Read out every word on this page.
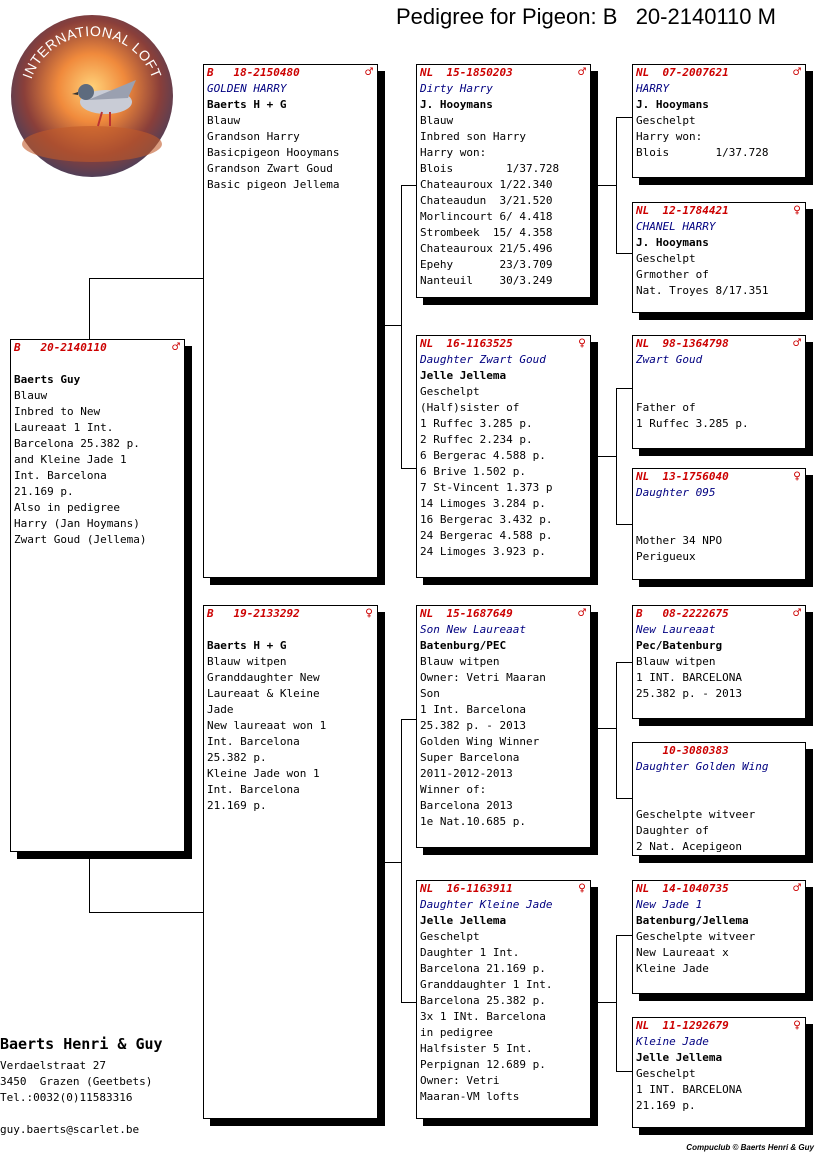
Pedigree for Pigeon: B   20-2140110 M
INTERNATIONAL LOFT
B   20-2140110	♂

Baerts Guy
Blauw
Inbred to New
Laureaat 1 Int.
Barcelona 25.382 p.
and Kleine Jade 1
Int. Barcelona
21.169 p.
Also in pedigree
Harry (Jan Hoymans)
Zwart Goud (Jellema)
B   18-2150480	♂
GOLDEN HARRY
Baerts H + G
Blauw
Grandson Harry
Basicpigeon Hooymans
Grandson Zwart Goud
Basic pigeon Jellema
B   19-2133292	♀

Baerts H + G
Blauw witpen
Granddaughter New
Laureaat & Kleine
Jade
New laureaat won 1
Int. Barcelona
25.382 p.
Kleine Jade won 1
Int. Barcelona
21.169 p.
NL  15-1850203	♂
Dirty Harry
J. Hooymans
Blauw
Inbred son Harry
Harry won:
Blois        1/37.728
Chateauroux 1/22.340
Chateaudun  3/21.520
Morlincourt 6/ 4.418
Strombeek  15/ 4.358
Chateauroux 21/5.496
Epehy       23/3.709
Nanteuil    30/3.249
NL  16-1163525	♀
Daughter Zwart Goud
Jelle Jellema
Geschelpt
(Half)sister of
1 Ruffec 3.285 p.
2 Ruffec 2.234 p.
6 Bergerac 4.588 p.
6 Brive 1.502 p.
7 St-Vincent 1.373 p
14 Limoges 3.284 p.
16 Bergerac 3.432 p.
24 Bergerac 4.588 p.
24 Limoges 3.923 p.
NL  15-1687649	♂
Son New Laureaat
Batenburg/PEC
Blauw witpen
Owner: Vetri Maaran
Son
1 Int. Barcelona
25.382 p. - 2013
Golden Wing Winner
Super Barcelona
2011-2012-2013
Winner of:
Barcelona 2013
1e Nat.10.685 p.
NL  16-1163911	♀
Daughter Kleine Jade
Jelle Jellema
Geschelpt
Daughter 1 Int.
Barcelona 21.169 p.
Granddaughter 1 Int.
Barcelona 25.382 p.
3x 1 INt. Barcelona
in pedigree
Halfsister 5 Int.
Perpignan 12.689 p.
Owner: Vetri
Maaran-VM lofts
NL  07-2007621	♂
HARRY
J. Hooymans
Geschelpt
Harry won:
Blois       1/37.728
NL  12-1784421	♀
CHANEL HARRY
J. Hooymans
Geschelpt
Grmother of
Nat. Troyes 8/17.351
NL  98-1364798	♂
Zwart Goud

Father of
1 Ruffec 3.285 p.
NL  13-1756040	♀
Daughter 095

Mother 34 NPO
Perigueux
B   08-2222675	♂
New Laureaat
Pec/Batenburg
Blauw witpen
1 INT. BARCELONA
25.382 p. - 2013
10-3080383
Daughter Golden Wing

Geschelpte witveer
Daughter of
2 Nat. Acepigeon
NL  14-1040735	♂
New Jade 1
Batenburg/Jellema
Geschelpte witveer
New Laureaat x
Kleine Jade
NL  11-1292679	♀
Kleine Jade
Jelle Jellema
Geschelpt
1 INT. BARCELONA
21.169 p.
Baerts Henri & Guy
Verdaelstraat 27
3450  Grazen (Geetbets)
Tel.:0032(0)11583316
guy.baerts@scarlet.be
Compuclub © Baerts Henri & Guy
